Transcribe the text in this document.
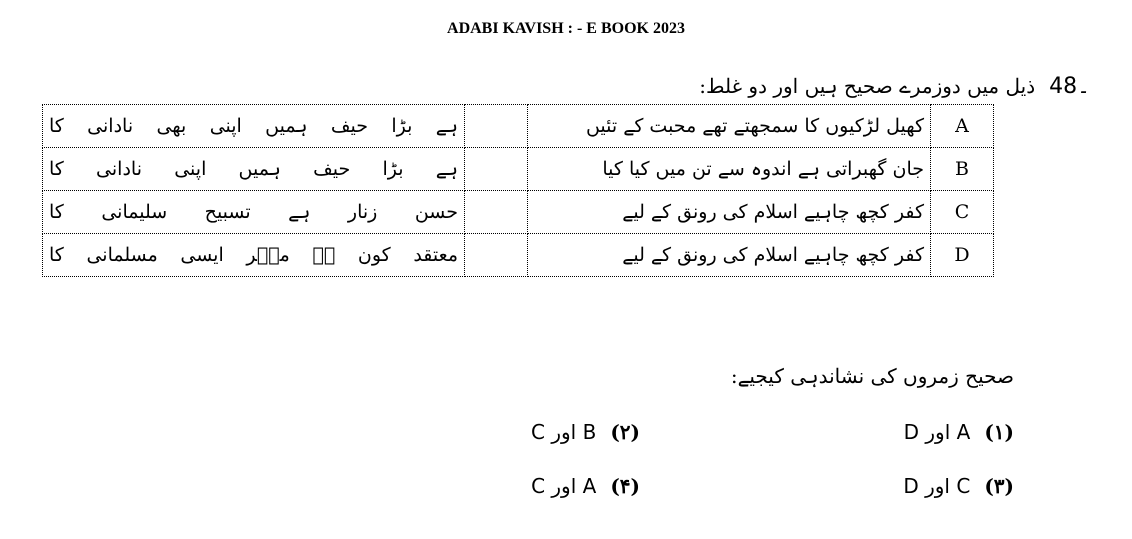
ADABI KAVISH : - E BOOK 2023
48۔
ذیل میں دوزمرے صحیح ہیں اور دو غلط:
ہے بڑا حیف ہمیں اپنی بھی نادانی کا		کھیل لڑکیوں کا سمجھتے تھے محبت کے تئیں	A
ہے بڑا حیف ہمیں اپنی نادانی کا		جان گھبراتی ہے اندوہ سے تن میں کیا کیا	B
حسن زنار ہے تسبیح سلیمانی کا		کفر کچھ چاہیے اسلام کی رونق کے لیے	C
معتقد کون ہے میؔر ایسی مسلمانی کا		کفر کچھ چاہیے اسلام کی رونق کے لیے	D
صحیح زمروں کی نشاندہی کیجیے:
(۱)
A اور D
(۲)
B اور C
(۳)
C اور D
(۴)
A اور C
